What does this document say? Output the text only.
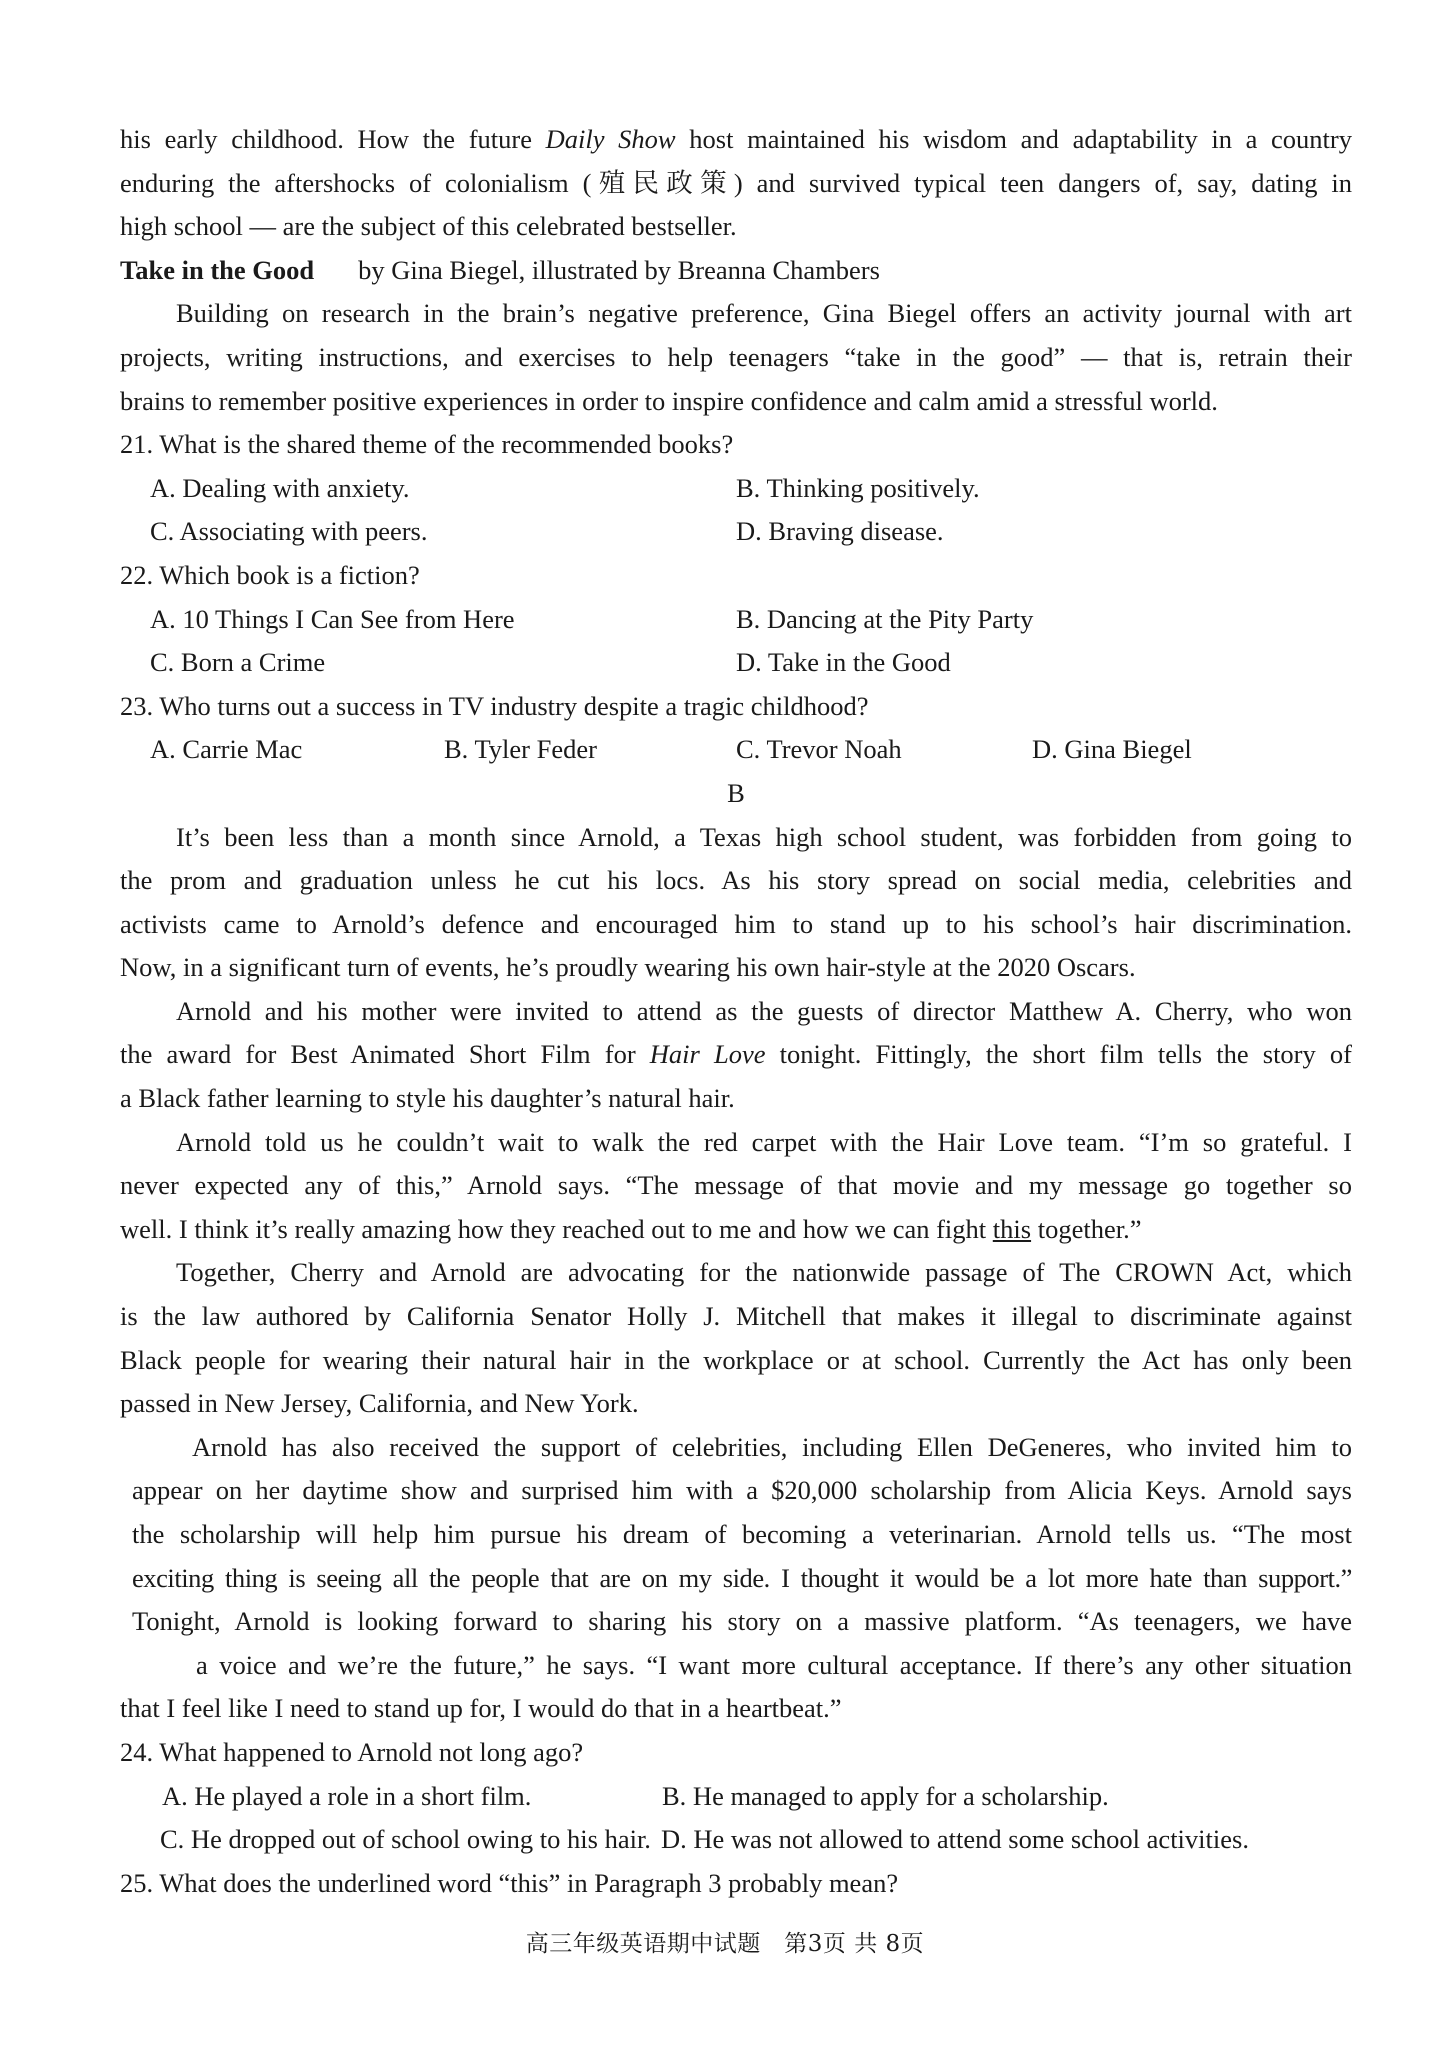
his early childhood. How the future Daily Show host maintained his wisdom and adaptability in a country
enduring the aftershocks of colonialism (殖民政策) and survived typical teen dangers of, say, dating in
high school — are the subject of this celebrated bestseller.
Take in the Good by Gina Biegel, illustrated by Breanna Chambers
Building on research in the brain’s negative preference, Gina Biegel offers an activity journal with art
projects, writing instructions, and exercises to help teenagers “take in the good” — that is, retrain their
brains to remember positive experiences in order to inspire confidence and calm amid a stressful world.
21. What is the shared theme of the recommended books?
A. Dealing with anxiety.	B. Thinking positively.
C. Associating with peers.	D. Braving disease.
22. Which book is a fiction?
A. 10 Things I Can See from Here	B. Dancing at the Pity Party
C. Born a Crime	D. Take in the Good
23. Who turns out a success in TV industry despite a tragic childhood?
A. Carrie Mac	B. Tyler Feder	C. Trevor Noah	D. Gina Biegel
B
It’s been less than a month since Arnold, a Texas high school student, was forbidden from going to
the prom and graduation unless he cut his locs. As his story spread on social media, celebrities and
activists came to Arnold’s defence and encouraged him to stand up to his school’s hair discrimination.
Now, in a significant turn of events, he’s proudly wearing his own hair-style at the 2020 Oscars.
Arnold and his mother were invited to attend as the guests of director Matthew A. Cherry, who won
the award for Best Animated Short Film for Hair Love tonight. Fittingly, the short film tells the story of
a Black father learning to style his daughter’s natural hair.
Arnold told us he couldn’t wait to walk the red carpet with the Hair Love team. “I’m so grateful. I
never expected any of this,” Arnold says. “The message of that movie and my message go together so
well. I think it’s really amazing how they reached out to me and how we can fight this together.”
Together, Cherry and Arnold are advocating for the nationwide passage of The CROWN Act, which
is the law authored by California Senator Holly J. Mitchell that makes it illegal to discriminate against
Black people for wearing their natural hair in the workplace or at school. Currently the Act has only been
passed in New Jersey, California, and New York.
Arnold has also received the support of celebrities, including Ellen DeGeneres, who invited him to
appear on her daytime show and surprised him with a $20,000 scholarship from Alicia Keys. Arnold says
the scholarship will help him pursue his dream of becoming a veterinarian. Arnold tells us. “The most
exciting thing is seeing all the people that are on my side. I thought it would be a lot more hate than support.”
Tonight, Arnold is looking forward to sharing his story on a massive platform. “As teenagers, we have
a voice and we’re the future,” he says. “I want more cultural acceptance. If there’s any other situation
that I feel like I need to stand up for, I would do that in a heartbeat.”
24. What happened to Arnold not long ago?
A. He played a role in a short film.	B. He managed to apply for a scholarship.
C. He dropped out of school owing to his hair. D. He was not allowed to attend some school activities.
25. What does the underlined word “this” in Paragraph 3 probably mean?
高三年级英语期中试题　第3页 共 8页
